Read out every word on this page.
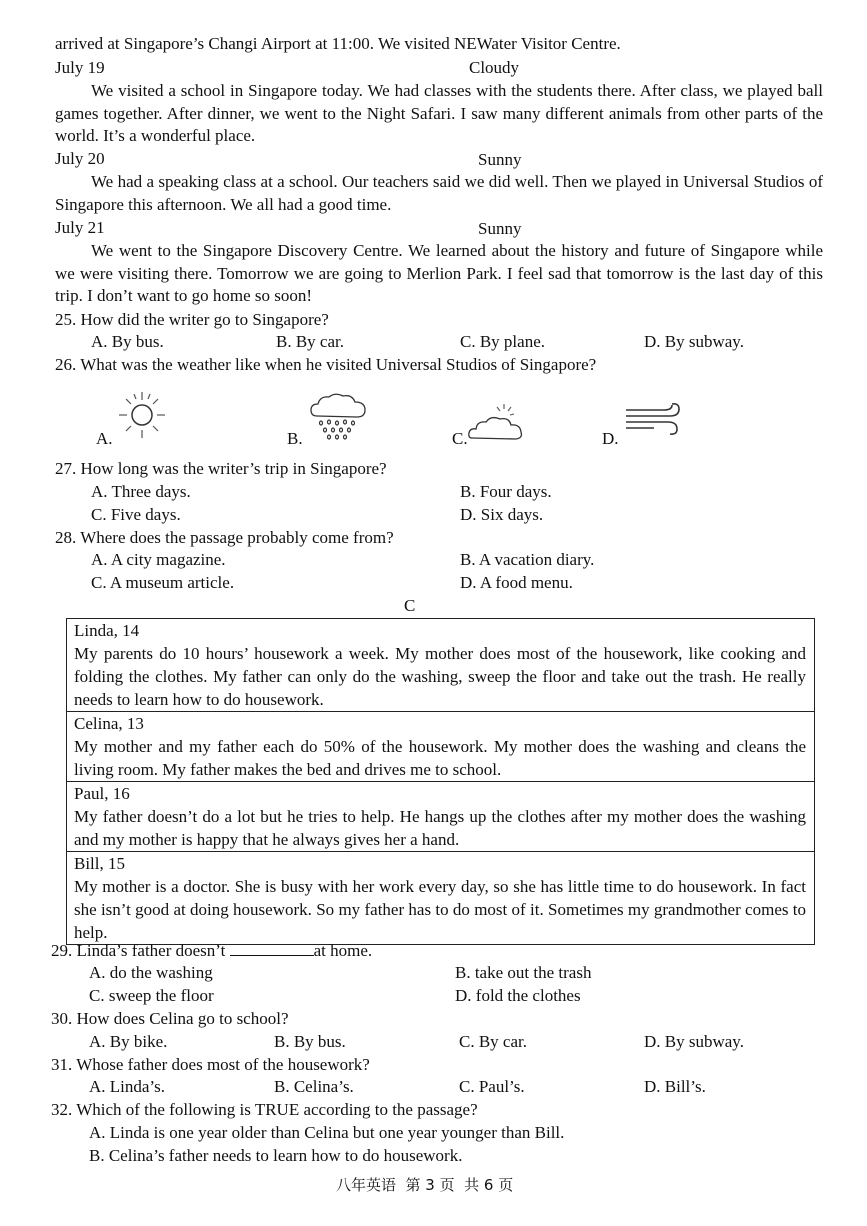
arrived at Singapore’s Changi Airport at 11:00. We visited NEWater Visitor Centre.
July 19	Cloudy
We visited a school in Singapore today. We had classes with the students there. After class, we played ball games together. After dinner, we went to the Night Safari. I saw many different animals from other parts of the world. It’s a wonderful place.
July 20	Sunny
We had a speaking class at a school. Our teachers said we did well. Then we played in Universal Studios of Singapore this afternoon. We all had a good time.
July 21	Sunny
We went to the Singapore Discovery Centre. We learned about the history and future of Singapore while we were visiting there. Tomorrow we are going to Merlion Park. I feel sad that tomorrow is the last day of this trip. I don’t want to go home so soon!
25. How did the writer go to Singapore?
A. By bus.	B. By car.	C. By plane.	D. By subway.
26. What was the weather like when he visited Universal Studios of Singapore?
A.	B.	C.	D.
27. How long was the writer’s trip in Singapore?
A. Three days.	B. Four days.
C. Five days.	D. Six days.
28. Where does the passage probably come from?
A. A city magazine.	B. A vacation diary.
C. A museum article.	D. A food menu.
C
Linda, 14
My parents do 10 hours’ housework a week. My mother does most of the housework, like cooking and folding the clothes. My father can only do the washing, sweep the floor and take out the trash. He really needs to learn how to do housework.
Celina, 13
My mother and my father each do 50% of the housework. My mother does the washing and cleans the living room. My father makes the bed and drives me to school.
Paul, 16
My father doesn’t do a lot but he tries to help. He hangs up the clothes after my mother does the washing and my mother is happy that he always gives her a hand.
Bill, 15
My mother is a doctor. She is busy with her work every day, so she has little time to do housework. In fact she isn’t good at doing housework. So my father has to do most of it. Sometimes my grandmother comes to help.
29. Linda’s father doesn’t	at home.
A. do the washing	B. take out the trash
C. sweep the floor	D. fold the clothes
30. How does Celina go to school?
A. By bike.	B. By bus.	C. By car.	D. By subway.
31. Whose father does most of the housework?
A. Linda’s.	B. Celina’s.	C. Paul’s.	D. Bill’s.
32. Which of the following is TRUE according to the passage?
A. Linda is one year older than Celina but one year younger than Bill.
B. Celina’s father needs to learn how to do housework.
八年英语  第 3 页  共 6 页
